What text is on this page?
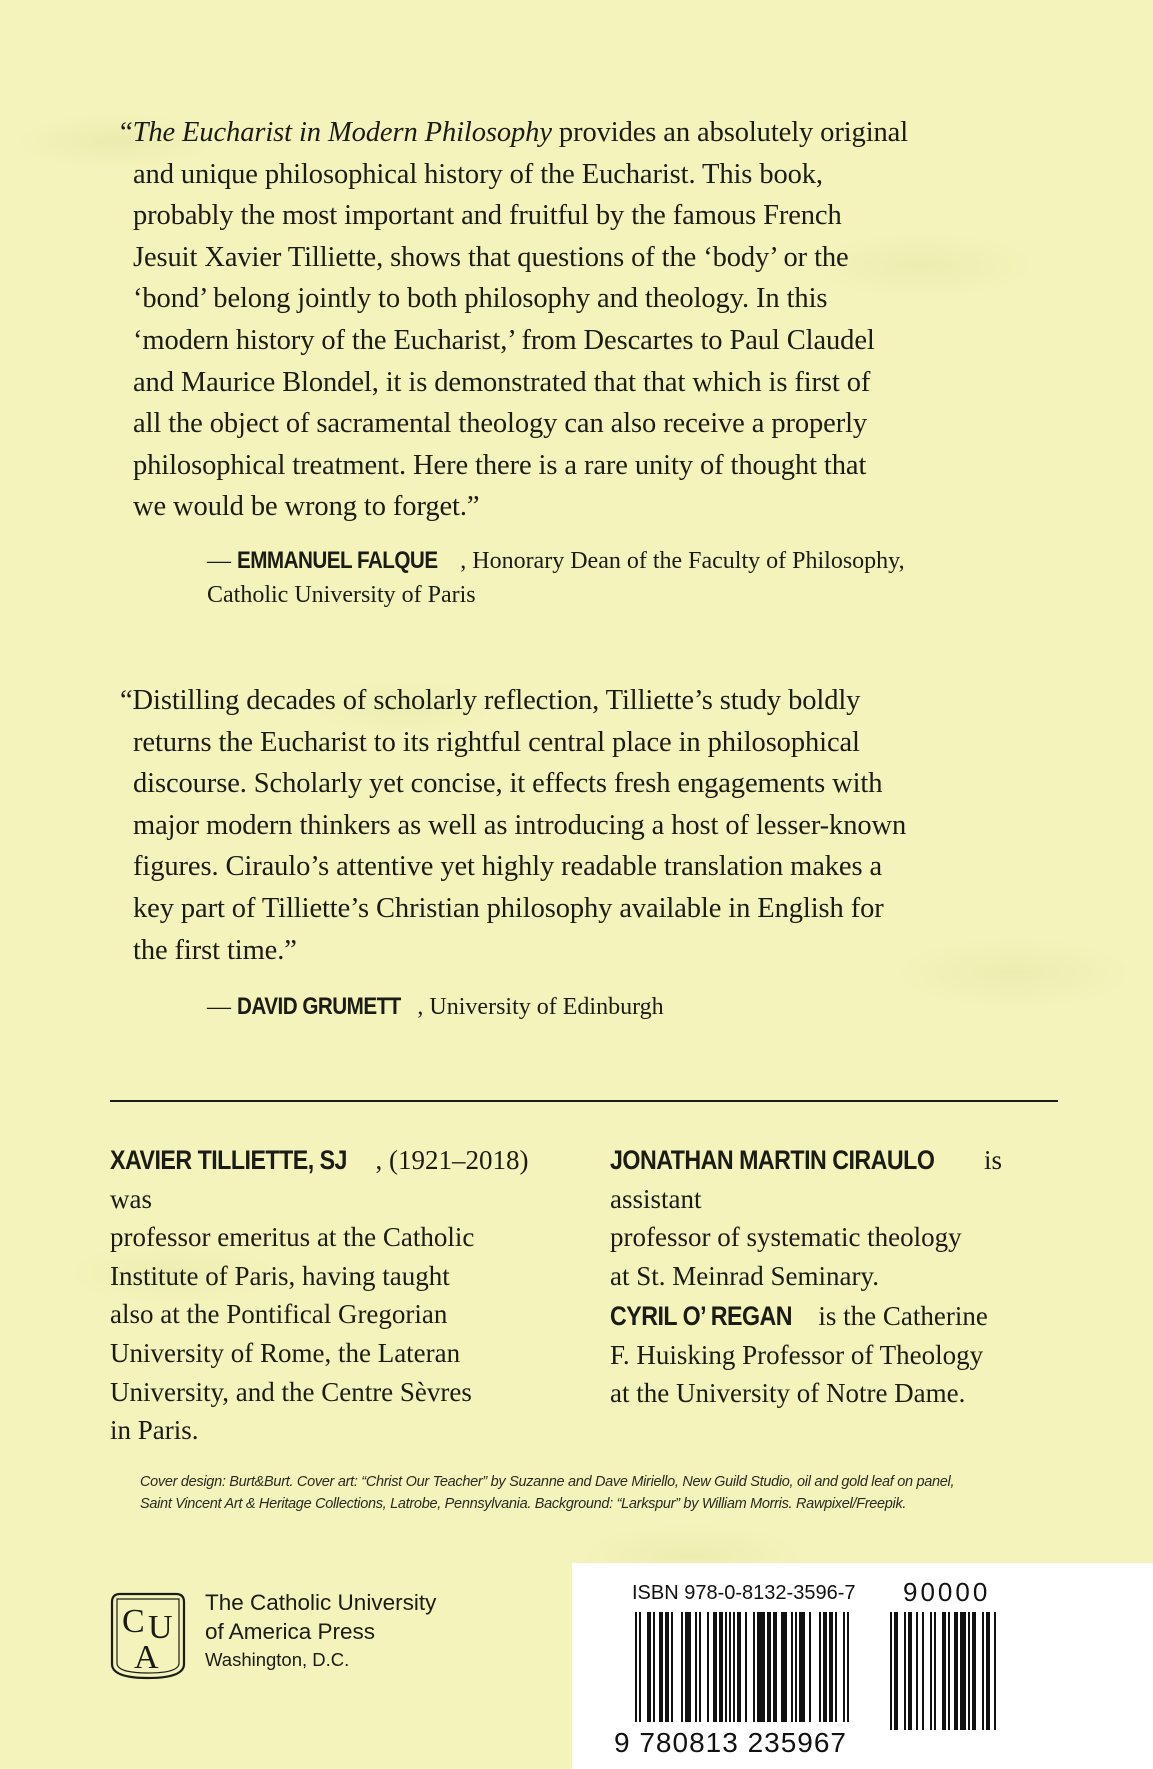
“The Eucharist in Modern Philosophy provides an absolutely original
and unique philosophical history of the Eucharist. This book,
probably the most important and fruitful by the famous French
Jesuit Xavier Tilliette, shows that questions of the ‘body’ or the
‘bond’ belong jointly to both philosophy and theology. In this
‘modern history of the Eucharist,’ from Descartes to Paul Claudel
and Maurice Blondel, it is demonstrated that that which is first of
all the object of sacramental theology can also receive a properly
philosophical treatment. Here there is a rare unity of thought that
we would be wrong to forget.”
— EMMANUEL FALQUE , Honorary Dean of the Faculty of Philosophy,
Catholic University of Paris
“Distilling decades of scholarly reflection, Tilliette’s study boldly
returns the Eucharist to its rightful central place in philosophical
discourse. Scholarly yet concise, it effects fresh engagements with
major modern thinkers as well as introducing a host of lesser-known
figures. Ciraulo’s attentive yet highly readable translation makes a
key part of Tilliette’s Christian philosophy available in English for
the first time.”
— DAVID GRUMETT , University of Edinburgh
XAVIER TILLIETTE, SJ , (1921–2018) was
professor emeritus at the Catholic
Institute of Paris, having taught
also at the Pontifical Gregorian
University of Rome, the Lateran
University, and the Centre Sèvres
in Paris.
JONATHAN MARTIN CIRAULO is assistant
professor of systematic theology
at St. Meinrad Seminary.
CYRIL O’ REGAN is the Catherine
F. Huisking Professor of Theology
at the University of Notre Dame.
Cover design: Burt&Burt. Cover art: “Christ Our Teacher” by Suzanne and Dave Miriello, New Guild Studio, oil and gold leaf on panel,
Saint Vincent Art & Heritage Collections, Latrobe, Pennsylvania. Background: “Larkspur” by William Morris. Rawpixel/Freepik.
C U
A
The Catholic University
of America Press
Washington, D.C.
ISBN 978-0-8132-3596-7 90000
9 780813 235967
